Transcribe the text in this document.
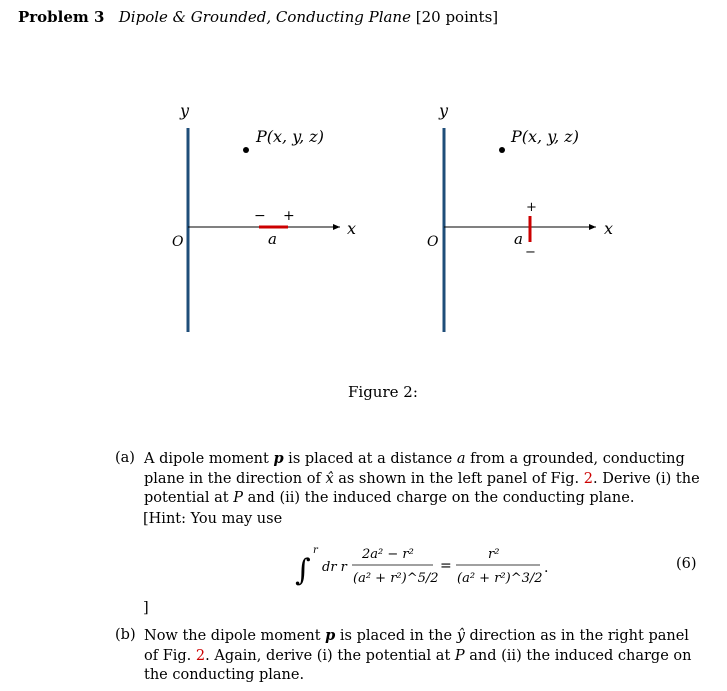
Problem 3 Dipole & Grounded, Conducting Plane [20 points]
y
O
x
P(x, y, z)
− +
a
y
O
x
P(x, y, z)
+
−
a
Figure 2:
(a) A dipole moment p is placed at a distance a from a grounded, conducting plane in the direction of x̂ as shown in the left panel of Fig. 2. Derive (i) the potential at P and (ii) the induced charge on the conducting plane.
[Hint: You may use
∫
r
dr r
2a² − r²
(a² + r²)^5/2
=
r²
(a² + r²)^3/2
.	(6)
]
(b) Now the dipole moment p is placed in the ŷ direction as in the right panel of Fig. 2. Again, derive (i) the potential at P and (ii) the induced charge on the conducting plane.
